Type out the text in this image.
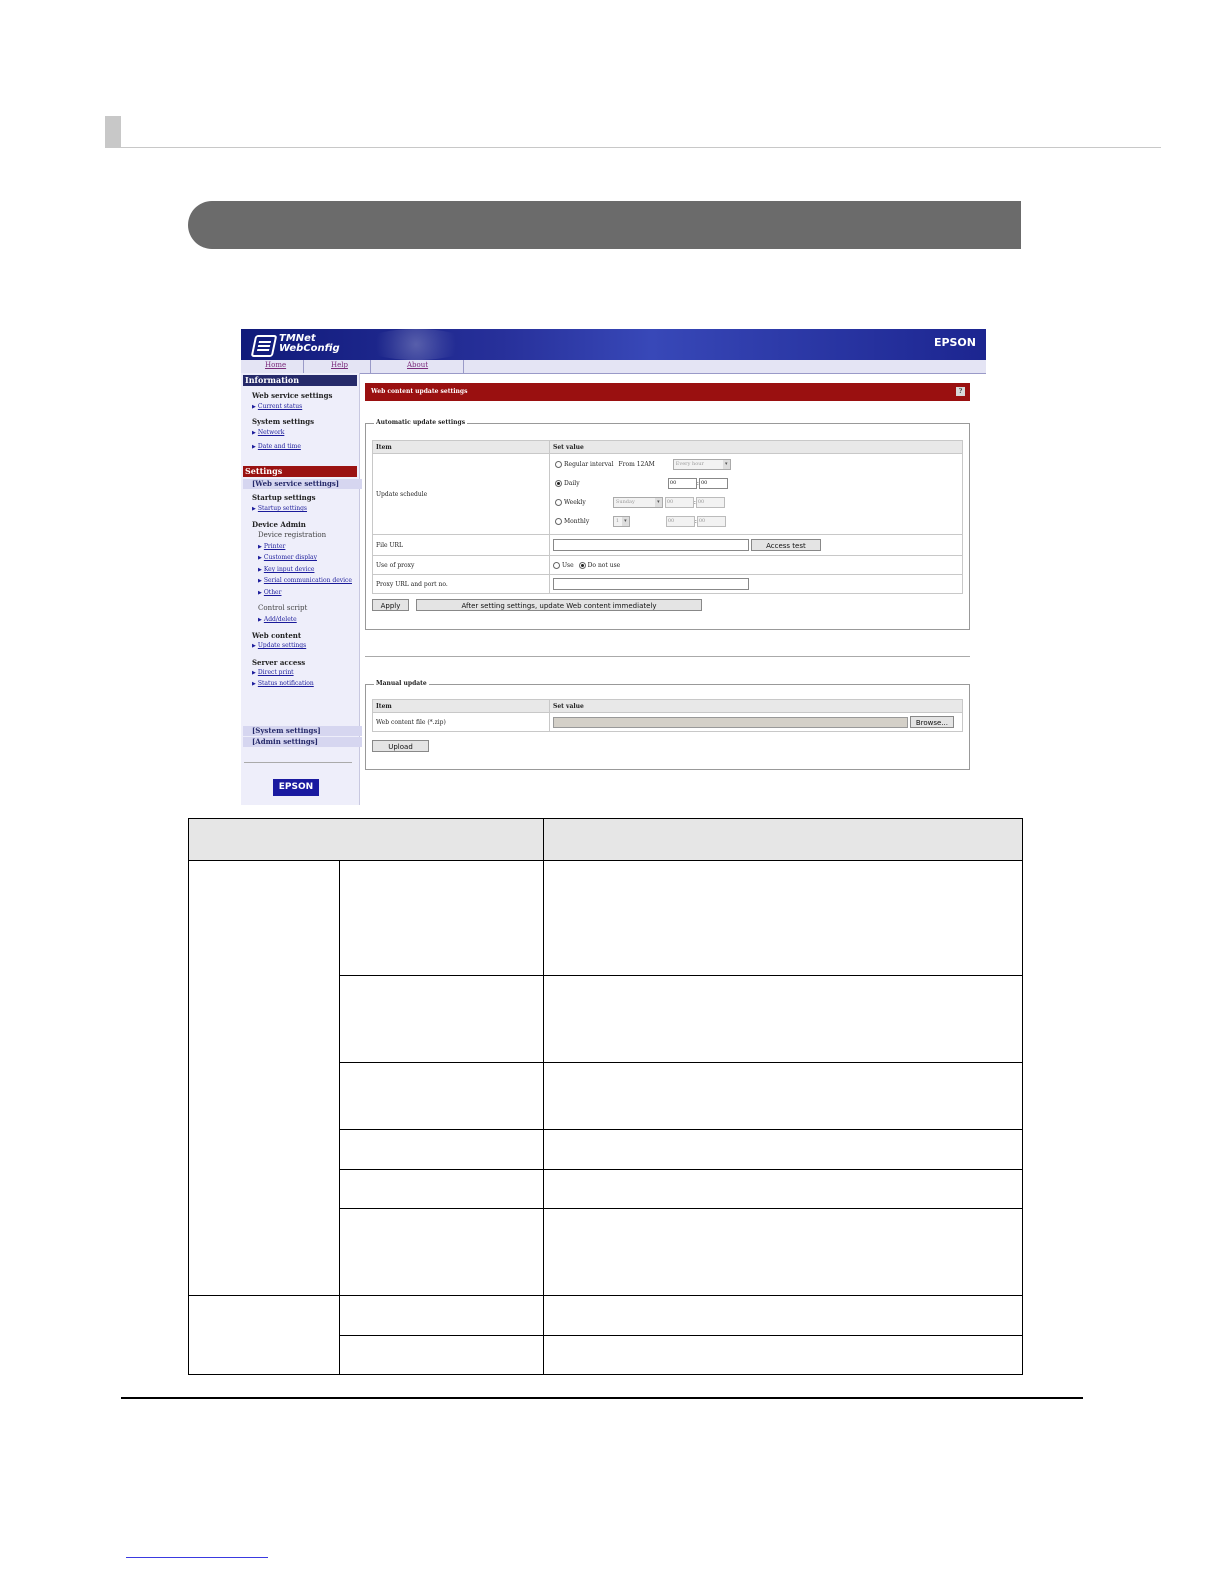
TMNet
WebConfig	EPSON
Home	Help	About
Information
Web service settings
▶ Current status
System settings
▶ Network
▶ Date and time
Settings
[Web service settings]
Startup settings
▶ Startup settings
Device Admin
Device registration
▶ Printer
▶ Customer display
▶ Key input device
▶ Serial communication device
▶ Other
Control script
▶ Add/delete
Web content
▶ Update settings
Server access
▶ Direct print
▶ Status notification
[System settings]
[Admin settings]
EPSON
Web content update settings	?
Automatic update settings
Item	Set value
Update schedule	Regular interval From 12AM Every hour ▾
Daily 00 : 00
Weekly Sunday ▾ 00 : 00
Monthly 1 ▾ 00 : 00

File URL	Access test
Use of proxy	Use Do not use
Proxy URL and port no.	
Apply	After setting settings, update Web content immediately
Manual update
Item	Set value
Web content file (*.zip)	Browse...
Upload
